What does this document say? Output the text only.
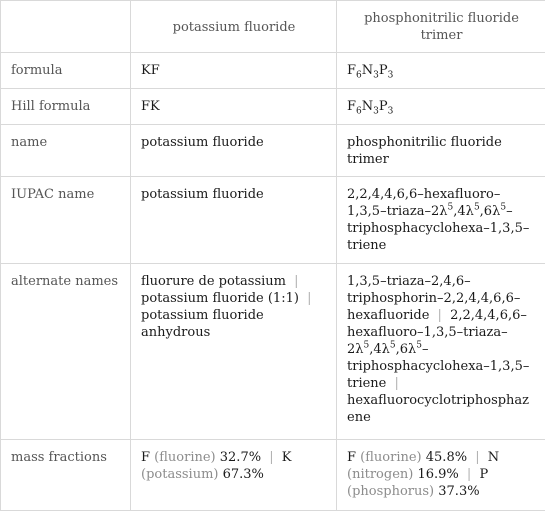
	potassium fluoride	phosphonitrilic fluoride trimer
formula	KF	$F_6N_3P_3$
Hill formula	FK	$F_6N_3P_3$
name	potassium fluoride	phosphonitrilic fluoride trimer
IUPAC name	potassium fluoride	$2,2,4,4,6,6-hexafluoro-1,3,5-triaza-2\lambda^5,4\lambda^5,6\lambda^5-triphosphacyclohexa-1,3,5$–triene
alternate names	fluorure de potassium | potassium fluoride (1:1) | potassium fluoride anhydrous	1,3,5–triaza–2,4,6–triphosphorin–2,2,4,4,6,6–hexafluoride | $2,2,4,4,6,6-hexafluoro-1,3,5-triaza-2\lambda^5,4\lambda^5,6\lambda^5-triphosphacyclohexa-1,3,5$–triene | hexafluorocyclotriphosphazene
mass fractions	F (fluorine) 32.7% | K (potassium) 67.3%	F (fluorine) 45.8% | N (nitrogen) 16.9% | P (phosphorus) 37.3%
